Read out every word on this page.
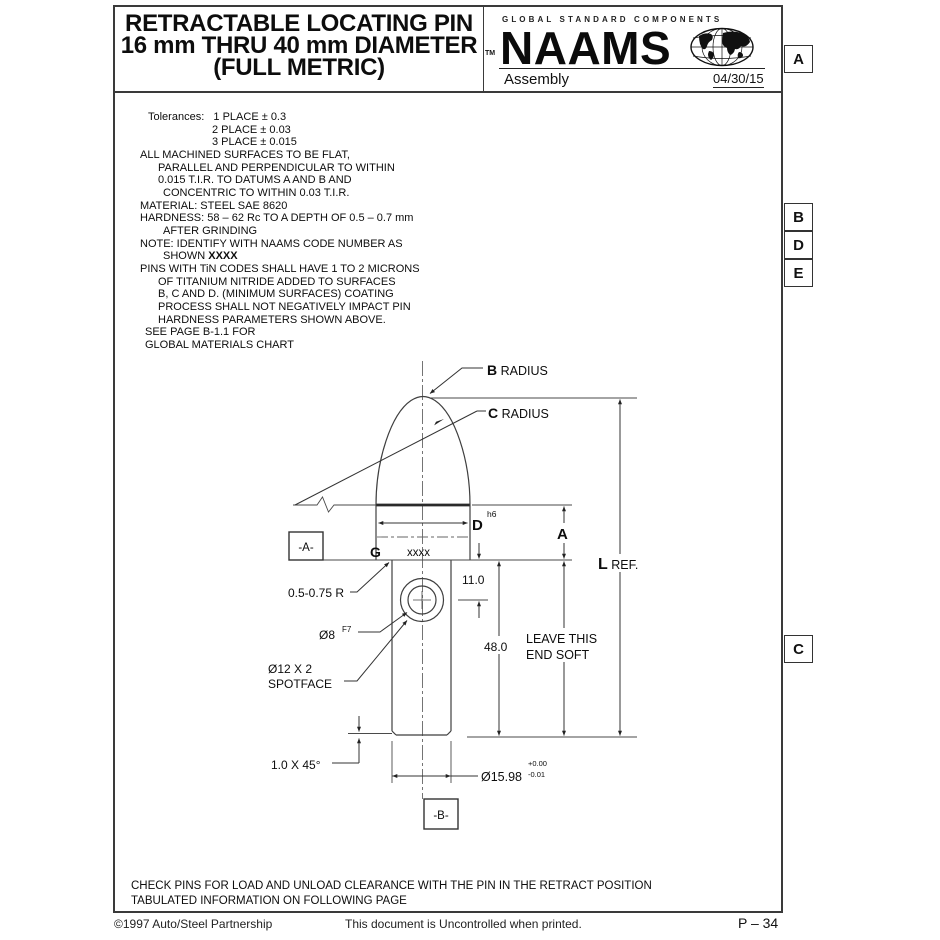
RETRACTABLE LOCATING PIN
16 mm THRU 40 mm DIAMETER
(FULL METRIC)
GLOBAL STANDARD COMPONENTS
TM NAAMS
Assembly	04/30/15
A
B
D
E
C
Tolerances:   1 PLACE ± 0.3
2 PLACE ± 0.03
3 PLACE ± 0.015
ALL MACHINED SURFACES TO BE FLAT,
PARALLEL AND PERPENDICULAR TO WITHIN
0.015 T.I.R. TO DATUMS A AND B AND
CONCENTRIC TO WITHIN 0.03 T.I.R.
MATERIAL: STEEL SAE 8620
HARDNESS: 58 – 62 Rc TO A DEPTH OF 0.5 – 0.7 mm
AFTER GRINDING
NOTE: IDENTIFY WITH NAAMS CODE NUMBER AS
SHOWN XXXX
PINS WITH TiN CODES SHALL HAVE 1 TO 2 MICRONS
OF TITANIUM NITRIDE ADDED TO SURFACES
B, C AND D. (MINIMUM SURFACES) COATING
PROCESS SHALL NOT NEGATIVELY IMPACT PIN
HARDNESS PARAMETERS SHOWN ABOVE.
SEE PAGE B-1.1 FOR
GLOBAL MATERIALS CHART
CHECK PINS FOR LOAD AND UNLOAD CLEARANCE WITH THE PIN IN THE RETRACT POSITION
TABULATED INFORMATION ON FOLLOWING PAGE
©1997 Auto/Steel Partnership	This document is Uncontrolled when printed.	P – 34
B RADIUS
C RADIUS
D
h6
A
L REF.
G xxxx
-A-
-B-
0.5-0.75 R
11.0
48.0
LEAVE THIS
END SOFT
Ø8 F7
Ø12 X 2
SPOTFACE
1.0 X 45°
Ø15.98
+0.00
-0.01
